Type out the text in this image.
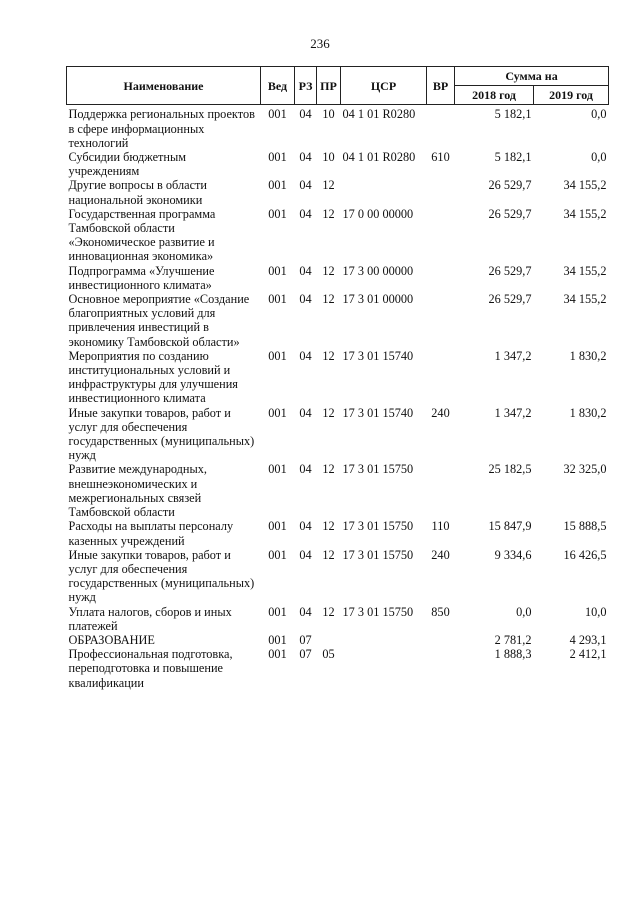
236
Наименование	Вед	РЗ	ПР	ЦСР	ВР	Сумма на	
						2018 год	2019 год
Поддержка региональных проектов в сфере информационных технологий	001	04	10	04 1 01 R0280		5 182,1	0,0
Субсидии бюджетным учреждениям	001	04	10	04 1 01 R0280	610	5 182,1	0,0
Другие вопросы в области национальной экономики	001	04	12			26 529,7	34 155,2
Государственная программа Тамбовской области «Экономическое развитие и инновационная экономика»	001	04	12	17 0 00 00000		26 529,7	34 155,2
Подпрограмма «Улучшение инвестиционного климата»	001	04	12	17 3 00 00000		26 529,7	34 155,2
Основное мероприятие «Создание благоприятных условий для привлечения инвестиций в экономику Тамбовской области»	001	04	12	17 3 01 00000		26 529,7	34 155,2
Мероприятия по созданию институциональных условий и инфраструктуры для улучшения инвестиционного климата	001	04	12	17 3 01 15740		1 347,2	1 830,2
Иные закупки товаров, работ и услуг для обеспечения государственных (муниципальных) нужд	001	04	12	17 3 01 15740	240	1 347,2	1 830,2
Развитие международных, внешнеэкономических и межрегиональных связей Тамбовской области	001	04	12	17 3 01 15750		25 182,5	32 325,0
Расходы на выплаты персоналу казенных учреждений	001	04	12	17 3 01 15750	110	15 847,9	15 888,5
Иные закупки товаров, работ и услуг для обеспечения государственных (муниципальных) нужд	001	04	12	17 3 01 15750	240	9 334,6	16 426,5
Уплата налогов, сборов и иных платежей	001	04	12	17 3 01 15750	850	0,0	10,0
ОБРАЗОВАНИЕ	001	07				2 781,2	4 293,1
Профессиональная подготовка, переподготовка и повышение квалификации	001	07	05			1 888,3	2 412,1
